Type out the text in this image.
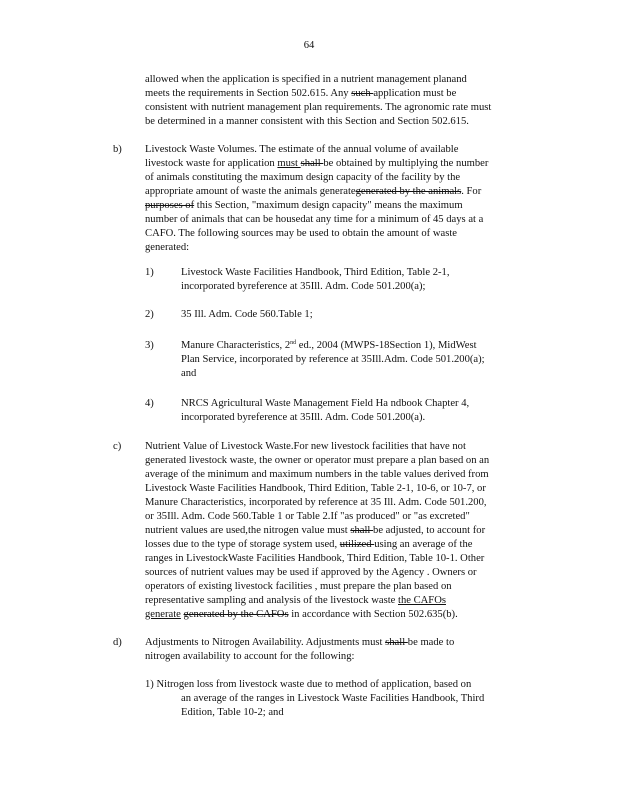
64
allowed when the application is specified in a nutrient management planand
meets the requirements in Section 502.615. Any such application must be
consistent with nutrient management plan requirements. The agronomic rate must
be determined in a manner consistent with this Section and Section 502.615.
b) Livestock Waste Volumes. The estimate of the annual volume of available
livestock waste for application must shall be obtained by multiplying the number
of animals constituting the maximum design capacity of the facility by the
appropriate amount of waste the animals generategenerated by the animals. For
purposes of this Section, "maximum design capacity" means the maximum
number of animals that can be housedat any time for a minimum of 45 days at a
CAFO. The following sources may be used to obtain the amount of waste
generated:
1)	Livestock Waste Facilities Handbook, Third Edition, Table 2-1,
incorporated byreference at 35Ill. Adm. Code 501.200(a);
2)	35 Ill. Adm. Code 560.Table 1;
3)	Manure Characteristics, 2nd ed., 2004 (MWPS-18Section 1), MidWest
Plan Service, incorporated by reference at 35Ill.Adm. Code 501.200(a);
and
4)	NRCS Agricultural Waste Management Field Ha ndbook Chapter 4,
incorporated byreference at 35Ill. Adm. Code 501.200(a).
c) Nutrient Value of Livestock Waste.For new livestock facilities that have not
generated livestock waste, the owner or operator must prepare a plan based on an
average of the minimum and maximum numbers in the table values derived from
Livestock Waste Facilities Handbook, Third Edition, Table 2-1, 10-6, or 10-7, or
Manure Characteristics, incorporated by reference at 35 Ill. Adm. Code 501.200,
or 35Ill. Adm. Code 560.Table 1 or Table 2.If "as produced" or "as excreted"
nutrient values are used,the nitrogen value must shall be adjusted, to account for
losses due to the type of storage system used, utilized using an average of the
ranges in LivestockWaste Facilities Handbook, Third Edition, Table 10-1. Other
sources of nutrient values may be used if approved by the Agency . Owners or
operators of existing livestock facilities , must prepare the plan based on
representative sampling and analysis of the livestock waste the CAFOs
generate generated by the CAFOs in accordance with Section 502.635(b).
d) Adjustments to Nitrogen Availability. Adjustments must shall be made to
nitrogen availability to account for the following:
1) Nitrogen loss from livestock waste due to method of application, based on
an average of the ranges in Livestock Waste Facilities Handbook, Third
Edition, Table 10-2; and
